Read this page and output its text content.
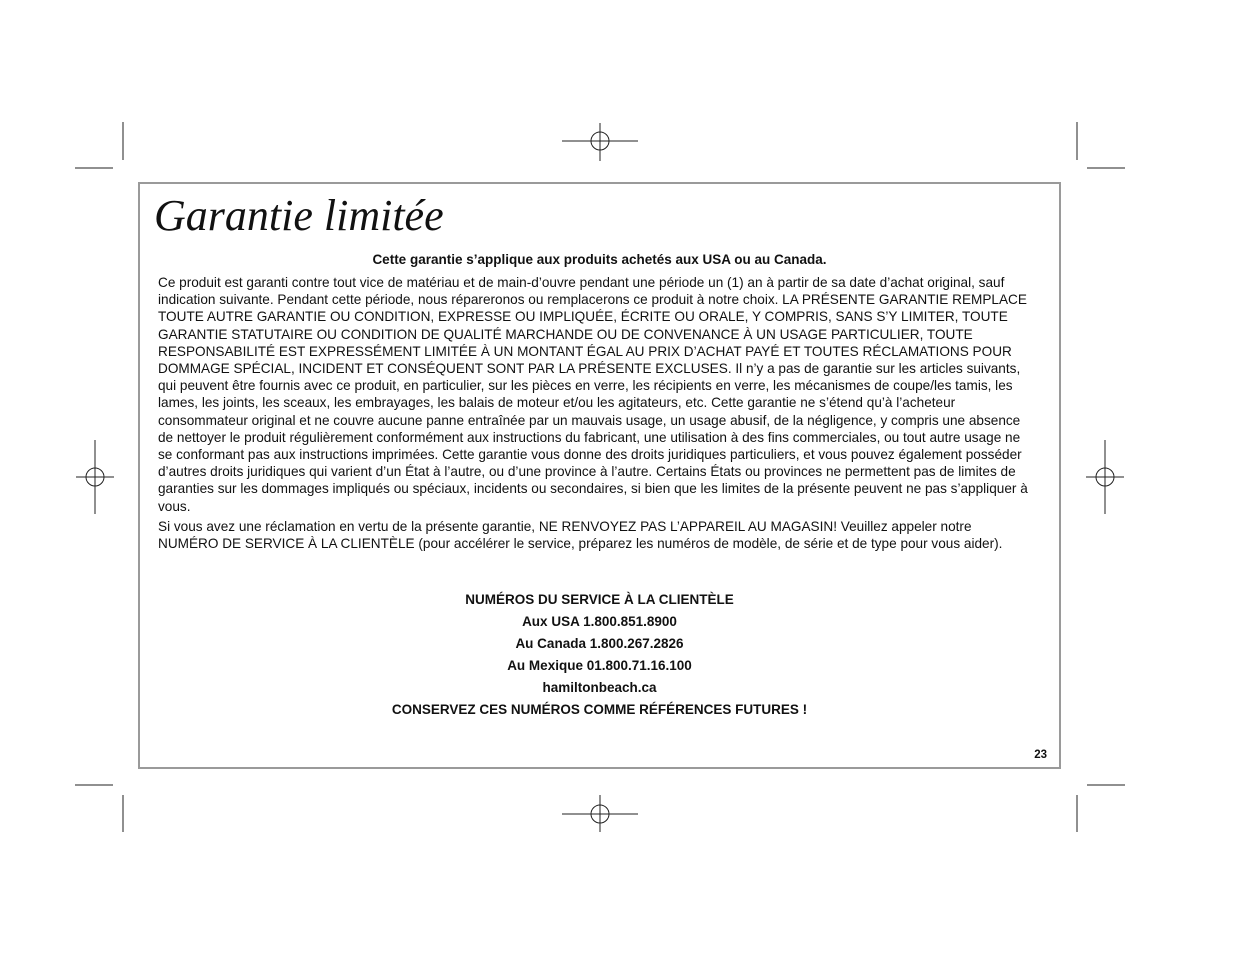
Garantie limitée

Cette garantie s’applique aux produits achetés aux USA ou au Canada.

Ce produit est garanti contre tout vice de matériau et de main-d’ouvre pendant une période un (1) an à partir de sa date d’achat original, sauf indication suivante. Pendant cette période, nous répareronos ou remplacerons ce produit à notre choix. LA PRÉSENTE GARANTIE REMPLACE TOUTE AUTRE GARANTIE OU CONDITION, EXPRESSE OU IMPLIQUÉE, ÉCRITE OU ORALE, Y COMPRIS, SANS S’Y LIMITER, TOUTE GARANTIE STATUTAIRE OU CONDITION DE QUALITÉ MARCHANDE OU DE CONVENANCE À UN USAGE PARTICULIER, TOUTE RESPONSABILITÉ EST EXPRESSÉMENT LIMITÉE À UN MONTANT ÉGAL AU PRIX D’ACHAT PAYÉ ET TOUTES RÉCLAMATIONS POUR DOMMAGE SPÉCIAL, INCIDENT ET CONSÉQUENT SONT PAR LA PRÉSENTE EXCLUSES. Il n’y a pas de garantie sur les articles suivants, qui peuvent être fournis avec ce produit, en particulier, sur les pièces en verre, les récipients en verre, les mécanismes de coupe/les tamis, les lames, les joints, les sceaux, les embrayages, les balais de moteur et/ou les agitateurs, etc. Cette garantie ne s’étend qu’à l’acheteur consommateur original et ne couvre aucune panne entraînée par un mauvais usage, un usage abusif, de la négligence, y compris une absence de nettoyer le produit régulièrement conformément aux instructions du fabricant, une utilisation à des fins commerciales, ou tout autre usage ne se conformant pas aux instructions imprimées. Cette garantie vous donne des droits juridiques particuliers, et vous pouvez également posséder d’autres droits juridiques qui varient d’un État à l’autre, ou d’une province à l’autre. Certains États ou provinces ne permettent pas de limites de garanties sur les dommages impliqués ou spéciaux, incidents ou secondaires, si bien que les limites de la présente peuvent ne pas s’appliquer à vous.

Si vous avez une réclamation en vertu de la présente garantie, NE RENVOYEZ PAS L’APPAREIL AU MAGASIN! Veuillez appeler notre NUMÉRO DE SERVICE À LA CLIENTÈLE (pour accélérer le service, préparez les numéros de modèle, de série et de type pour vous aider).

NUMÉROS DU SERVICE À LA CLIENTÈLE
Aux USA 1.800.851.8900
Au Canada 1.800.267.2826
Au Mexique 01.800.71.16.100
hamiltonbeach.ca
CONSERVEZ CES NUMÉROS COMME RÉFÉRENCES FUTURES !
23
